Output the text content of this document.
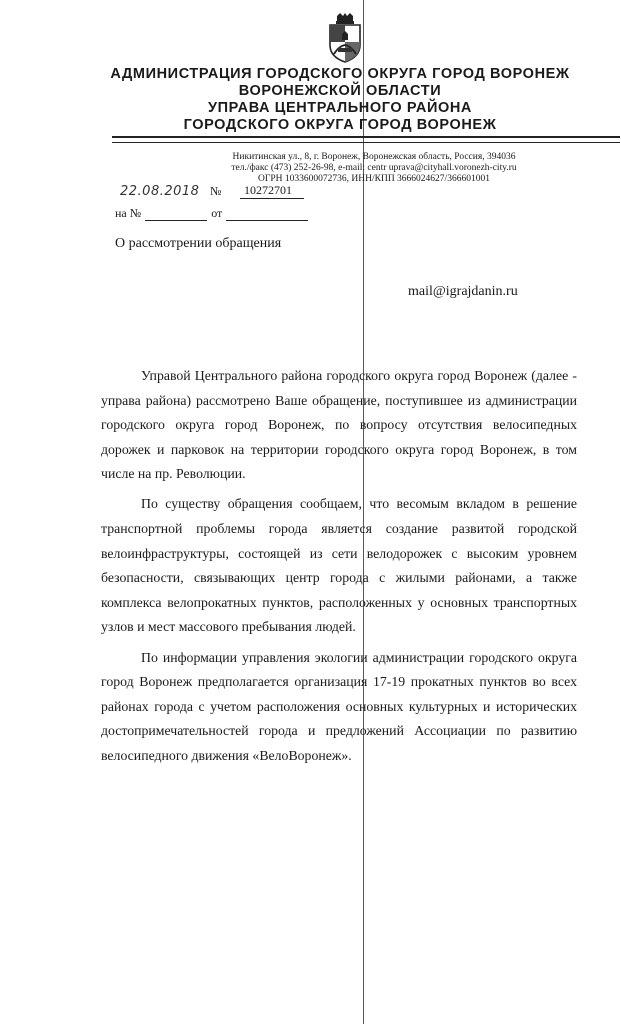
АДМИНИСТРАЦИЯ ГОРОДСКОГО ОКРУГА ГОРОД ВОРОНЕЖ
ВОРОНЕЖСКОЙ ОБЛАСТИ
УПРАВА ЦЕНТРАЛЬНОГО РАЙОНА
ГОРОДСКОГО ОКРУГА ГОРОД ВОРОНЕЖ
Никитинская ул., 8, г. Воронеж, Воронежская область, Россия, 394036
тел./факс (473) 252-26-98, e-mail: centr upravа@cityhall.voronezh-city.ru
ОГРН 1033600072736, ИНН/КПП 3666024627/366601001
22.08.2018 №	10272701
на №	от
О рассмотрении обращения
mail@igrajdanin.ru

Управой Центрального района городского округа город Воронеж (далее - управа района) рассмотрено Ваше обращение, поступившее из администрации городского округа город Воронеж, по вопросу отсутствия велосипедных дорожек и парковок на территории городского округа город Воронеж, в том числе на пр. Революции.

По существу обращения сообщаем, что весомым вкладом в решение транспортной проблемы города является создание развитой городской велоинфраструктуры, состоящей из сети велодорожек с высоким уровнем безопасности, связывающих центр города с жилыми районами, а также комплекса велопрокатных пунктов, расположенных у основных транспортных узлов и мест массового пребывания людей.

По информации управления экологии администрации городского округа город Воронеж предполагается организация 17-19 прокатных пунктов во всех районах города с учетом расположения основных культурных и исторических достопримечательностей города и предложений Ассоциации по развитию велосипедного движения «ВелоВоронеж».
